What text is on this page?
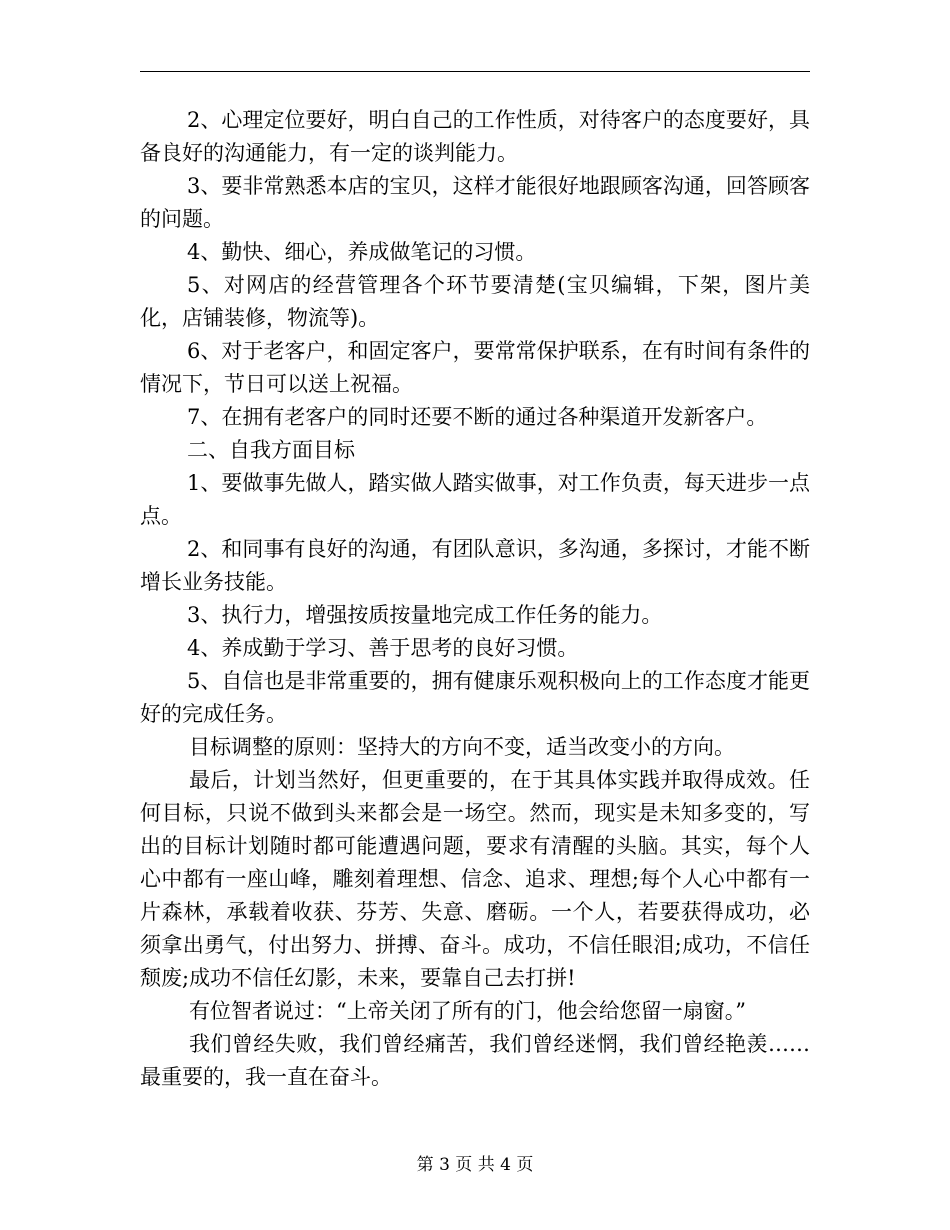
2、心理定位要好，明白自己的工作性质，对待客户的态度要好，具备良好的沟通能力，有一定的谈判能力。

3、要非常熟悉本店的宝贝，这样才能很好地跟顾客沟通，回答顾客的问题。

4、勤快、细心，养成做笔记的习惯。

5、对网店的经营管理各个环节要清楚(宝贝编辑，下架，图片美化，店铺装修，物流等)。

6、对于老客户，和固定客户，要常常保护联系，在有时间有条件的情况下，节日可以送上祝福。

7、在拥有老客户的同时还要不断的通过各种渠道开发新客户。

二、自我方面目标

1、要做事先做人，踏实做人踏实做事，对工作负责，每天进步一点点。

2、和同事有良好的沟通，有团队意识，多沟通，多探讨，才能不断增长业务技能。

3、执行力，增强按质按量地完成工作任务的能力。

4、养成勤于学习、善于思考的良好习惯。

5、自信也是非常重要的，拥有健康乐观积极向上的工作态度才能更好的完成任务。

目标调整的原则：坚持大的方向不变，适当改变小的方向。

最后，计划当然好，但更重要的，在于其具体实践并取得成效。任何目标，只说不做到头来都会是一场空。然而，现实是未知多变的，写出的目标计划随时都可能遭遇问题，要求有清醒的头脑。其实，每个人心中都有一座山峰，雕刻着理想、信念、追求、理想;每个人心中都有一片森林，承载着收获、芬芳、失意、磨砺。一个人，若要获得成功，必须拿出勇气，付出努力、拼搏、奋斗。成功，不信任眼泪;成功，不信任颓废;成功不信任幻影，未来，要靠自己去打拼!

有位智者说过：“上帝关闭了所有的门，他会给您留一扇窗。”

我们曾经失败，我们曾经痛苦，我们曾经迷惘，我们曾经艳羡……最重要的，我一直在奋斗。

第 3 页 共 4 页
